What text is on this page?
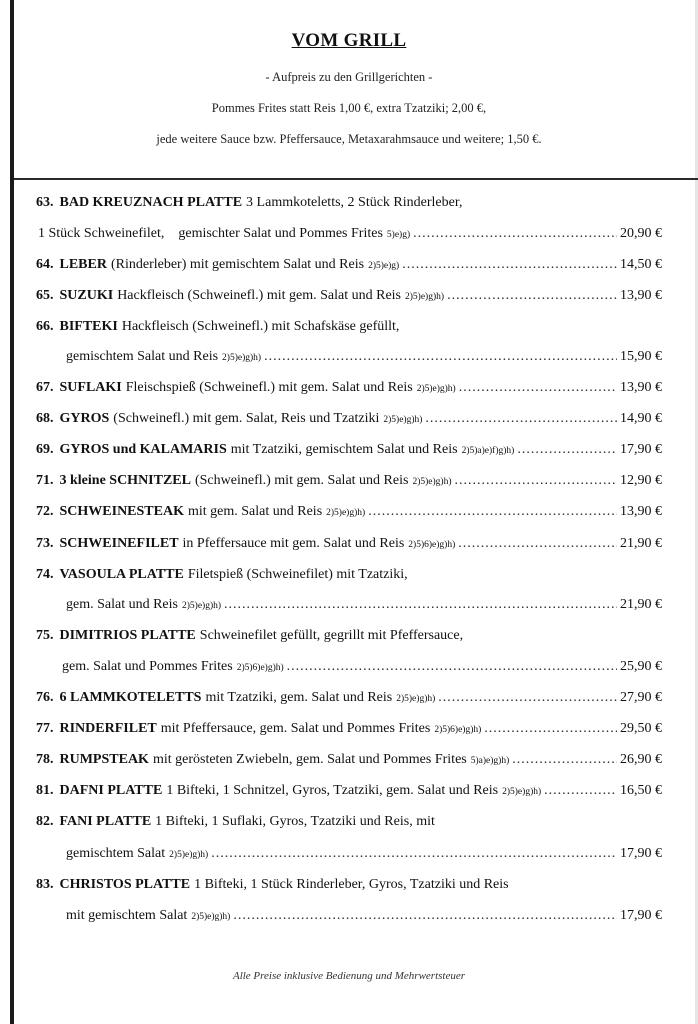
VOM GRILL
- Aufpreis zu den Grillgerichten -
Pommes Frites statt Reis 1,00 €, extra Tzatziki; 2,00 €,
jede weitere Sauce bzw. Pfeffersauce, Metaxarahmsauce und weitere; 1,50 €.
63. BAD KREUZNACH PLATTE 3 Lammkoteletts, 2 Stück Rinderleber,
1 Stück Schweinefilet,    gemischter Salat und Pommes Frites 5)e)g) .....	20,90 €
64. LEBER (Rinderleber) mit gemischtem Salat und Reis 2)5)e)g) .....	14,50 €
65. SUZUKI Hackfleisch (Schweinefl.) mit gem. Salat und Reis 2)5)e)g)h) .....	13,90 €
66. BIFTEKI Hackfleisch (Schweinefl.) mit Schafskäse gefüllt,
gemischtem Salat und Reis 2)5)e)g)h) .....	15,90 €
67. SUFLAKI Fleischspieß (Schweinefl.) mit gem. Salat und Reis 2)5)e)g)h) .....	13,90 €
68. GYROS (Schweinefl.) mit gem. Salat, Reis und Tzatziki 2)5)e)g)h) .....	14,90 €
69. GYROS und KALAMARIS mit Tzatziki, gemischtem Salat und Reis 2)5)a)e)f)g)h) .....	17,90 €
71. 3 kleine SCHNITZEL (Schweinefl.) mit gem. Salat und Reis 2)5)e)g)h) .....	12,90 €
72. SCHWEINESTEAK mit gem. Salat und Reis 2)5)e)g)h) .....	13,90 €
73. SCHWEINEFILET in Pfeffersauce mit gem. Salat und Reis 2)5)6)e)g)h) .....	21,90 €
74. VASOULA PLATTE Filetspieß (Schweinefilet) mit Tzatziki,
gem. Salat und Reis 2)5)e)g)h) .....	21,90 €
75. DIMITRIOS PLATTE Schweinefilet gefüllt, gegrillt mit Pfeffersauce,
gem. Salat und Pommes Frites 2)5)6)e)g)h) .....	25,90 €
76. 6 LAMMKOTELETTS mit Tzatziki, gem. Salat und Reis 2)5)e)g)h) .....	27,90 €
77. RINDERFILET mit Pfeffersauce, gem. Salat und Pommes Frites 2)5)6)e)g)h) .....	29,50 €
78. RUMPSTEAK mit gerösteten Zwiebeln, gem. Salat und Pommes Frites 5)a)e)g)h) .....	26,90 €
81. DAFNI PLATTE 1 Bifteki, 1 Schnitzel, Gyros, Tzatziki, gem. Salat und Reis 2)5)e)g)h) .....	16,50 €
82. FANI PLATTE 1 Bifteki, 1 Suflaki, Gyros, Tzatziki und Reis, mit
gemischtem Salat 2)5)e)g)h) .....	17,90 €
83. CHRISTOS PLATTE 1 Bifteki, 1 Stück Rinderleber, Gyros, Tzatziki und Reis
mit gemischtem Salat 2)5)e)g)h) .....	17,90 €
Alle Preise inklusive Bedienung und Mehrwertsteuer
